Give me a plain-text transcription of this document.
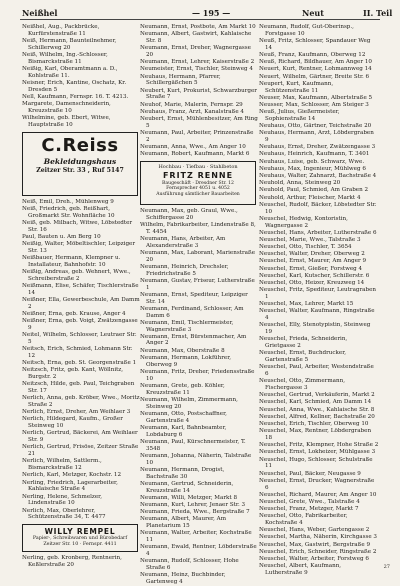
Neißhel	— 195 —	Neut	II. Teil
Neißhel, Aug., Packbrücke, Kurfürstenstraße 11
Neiß, Hermann, Baunteilnehmer, Schillerweg 20
Neiß, Wilhelm, Ing.-Schlosser, Bismarckstraße 11
Neißig, Karl, Oberamtmann a. D., Kohlstraße 11.
Neisner, Erich, Kantine, Oschatz, Kr. Dresden 5
Nell, Kaufmann, Fernspr. 16. T. 4213.
Margarete, Damenschneiderin, Kreuzstraße 10
Wilhelmine, geb. Ebert, Witwe, Hauptstraße 10
C.Reiss
Bekleidungshaus
Zeitzer Str. 33 , Ruf 5147
Neiß, Emil, Dreh., Mühlenweg 9
Neiß, Friedrich, geb. Reißhart, Großmarkt Str. Wohnfläche 10
Neiß, geb. Milbach, Witwe, Löbstedter Str. 16
Paul, Bauten u. Am Berg 10
Neißig, Walter, Möbeltischler, Leipziger Str. 13
Neißbauer, Hermann, Klempner u. Installateur, Bahnhofstr. 10
Neißig, Andreas, geb. Wehnert, Wwe., Schreiberstraße 2
Neißmann, Elise, Schäfer, Tischlerstraße 14
Neißner, Ella, Gewerbeschule, Am Damm 2
Neißner, Erna, geb. Krause, Anger 4
Neißner, Erna, geb. Voigt, Zwätzengasse 9
Neitel, Wilhelm, Schlosser, Leutraer Str. 5
Neitsch, Erich, Schmied, Lohmann Str. 12
Neitsch, Erna, geb. St. Georgenstraße 1
Neitzsch, Fritz, geb. Kant, Wöllnitz, Burgstr. 2
Neitzsch, Hilde, geb. Paul, Teichgraben Str. 17
Nerlich, Anna, geb. Kröber, Wwe., Moritz Straße 2
Nerlich, Ernst, Dreher, Am Weihlaer 3
Nerlich, Hildegard, Kaufm., Großer Steinweg 10
Nerlich, Gertrud, Bäckerei, Am Weihlaer Str. 9
Nerlich, Gertrud, Frisöse, Zeitzer Straße 21
Nerlich, Wilhelm, Sattlerm., Bismarckstraße 12
Nerlich, Karl, Metzger, Kochstr. 12
Nerling, Friedrich, Lagerarbeiter, Kahlaische Straße 4
Nerling, Helene, Schmelzer, Lindenstraße 10
Nerlich, Max, Oberlehrer, Schützenstraße 34, T. 4477
WILLY REMPEL
Papier-, Schreibwaren und Bürobedarf
Zeitzer Str. 10 · Fernspr. 4411
Nerling, geb. Kronberg, Rentnerin, Keßlerstraße 20
Neumann, Ernst, Postbote, Am Markt 10
Neumann, Albert, Gastwirt, Kahlaische Str. 8
Neumann, Ernst, Dreher, Wagnergasse 20
Neumann, Ernst, Lehrer, Kaiserstraße 2
Neumeister, Ernst, Tischler, Steinweg 4
Neuhaus, Hermann, Pfarrer, Schillergäßchen 5
Neubert, Kurt, Prokurist, Schwarzburger Straße 7
Neuhof, Marie, Malerin, Fernspr. 29
Neuhaus, Franz, Arzt, Kanalstraße 4
Neubert, Ernst, Mühlenbesitzer, Am Ring 5
Neumann, Paul, Arbeiter, Prinzenstraße 2
Neumann, Anna, Wwe., Am Anger 10
Neumann, Robert, Kaufmann, Markt 6
Hochbau · Tiefbau · Stahlbeton
FRITZ RENNE
Baugeschäft · Dresdner Str. 12
Fernsprecher 4051 u. 4052
Ausführung sämtlicher Bauarbeiten
Neumann, Max, geb. Graul, Wwe., Schiffergasse 20
Wilhelm, Fabrikarbeiter, Lindenstraße 8, T. 4454
Neumann, Hans, Arbeiter, Am Alexanderstraße 3
Neumann, Max, Laborant, Marienstraße 20
Neumann, Heinrich, Drechsler, Friedrichstraße 5
Neumann, Gustav, Friseur, Lutherstraße 1
Neumann, Ernst, Spediteur, Leipziger Str. 14
Neumann, Ferdinand, Schlosser, Am Damm 6
Neumann, Emil, Tischlermeister, Wagnerstraße 3
Neumann, Ernst, Bürstenmacher, Am Anger 2
Neumann, Max, Oberstraße 8
Neumann, Hermann, Lokführer, Oberweg 9
Neumann, Fritz, Dreher, Friedensstraße 10
Neumann, Grete, geb. Köhler, Kreuzstraße 11
Neumann, Wilhelm, Zimmermann, Steinweg 20
Neumann, Otto, Postschaffner, Gartenstraße 4
Neumann, Karl, Bahnbeamter, Lobdaburg 6
Neumann, Paul, Kürschnermeister, T. 3548
Neumann, Johanna, Näherin, Talstraße 10
Neumann, Hermann, Drogist, Bachstraße 30
Neumann, Gertrud, Schneiderin, Kreuzstraße 14
Neumann, Willi, Metzger, Markt 8
Neumann, Kurt, Lehrer, Jenaer Str. 3
Neumann, Frieda, Wwe., Bergstraße 7
Neumann, Albert, Maurer, Am Planetarium 15
Neumann, Walter, Arbeiter, Kochstraße 11
Neumann, Ewald, Rentner, Löbderstraße 4
Neumann, Rudolf, Schlosser, Hohe Straße 6
Neumann, Heinz, Buchbinder, Gartenweg 4
Neumann, Rudolf, Gut-Oberinsp., Forstgasse 10
Neuß, Fritz, Schlosser, Spandauer Weg 14
Neuß, Franz, Kaufmann, Oberweg 12
Neuß, Richard, Bildhauer, Am Anger 10
Neuert, Kurt, Rentner, Lohmannweg 14
Neuert, Wilhelm, Gärtner, Breite Str. 6
Neupert, Kurt, Kaufmann, Schützenstraße 11
Neuser, Max, Kaufmann, Albertstraße 5
Neusser, Max, Schlosser, Am Steiger 3
Neuß, Julius, Gießermeister, Sophienstraße 14
Neuhaus, Otto, Gärtner, Teichstraße 20
Neuhaus, Hermann, Arzt, Löbdergraben 9
Neuhaus, Ernst, Dreher, Zwätzengasse 3
Neuhaus, Heinrich, Kaufmann, T. 3401
Neuhaus, Luise, geb. Schwarz, Wwe.
Neuhaus, Max, Ingenieur, Mühlweg 6
Neuhaus, Walter, Zahnarzt, Bachstraße 4
Neuhold, Anna, Steinweg 20
Neuhold, Paul, Schmied, Am Graben 2
Neuhold, Arthur, Fleischer, Markt 4
Neuschel, Rudolf, Bäcker, Löbstedter Str. 10
Neuschel, Hedwig, Kontoristin, Wagnergasse 2
Neuschel, Hans, Arbeiter, Lutherstraße 6
Neuschel, Marie, Wwe., Talstraße 3
Neuschel, Otto, Tischler, T. 3654
Neuschel, Walter, Dreher, Oberweg 2
Neuschel, Ernst, Maurer, Am Anger 9
Neuschel, Ernst, Gießer, Forstweg 4
Neuschel, Karl, Kutscher, Schillerstr. 6
Neuschel, Otto, Heizer, Kreuzweg 14
Neuschel, Fritz, Spediteur, Leutragraben 1
Neuschel, Max, Lehrer, Markt 15
Neuschel, Walter, Kaufmann, Ringstraße 4
Neuschel, Elly, Stenotypistin, Steinweg 19
Neuschel, Frieda, Schneiderin, Grietgasse 2
Neuschel, Ernst, Buchdrucker, Gartenstraße 5
Neuschel, Paul, Arbeiter, Westendstraße 6
Neuschel, Otto, Zimmermann, Fischergasse 3
Neuschel, Gertrud, Verkäuferin, Markt 2
Neuschel, Karl, Schmied, Am Damm 14
Neuschel, Anna, Wwe., Kahlaische Str. 8
Neuschel, Alfred, Kellner, Bachstraße 20
Neuschel, Erich, Tischler, Oberweg 10
Neuschel, Max, Rentner, Löbdergraben 18
Neuschel, Fritz, Klempner, Hohe Straße 2
Neuschel, Ernst, Lokheizer, Mühlgasse 3
Neuschel, Hugo, Schlosser, Schulstraße 11
Neuschel, Paul, Bäcker, Neugasse 9
Neuschel, Ernst, Drucker, Wagnerstraße 6
Neuschel, Richard, Maurer, Am Anger 10
Neuschel, Grete, Wwe., Talstraße 4
Neuschel, Franz, Metzger, Markt 7
Neuschel, Otto, Fabrikarbeiter, Kochstraße 4
Neuschel, Hans, Weber, Gartengasse 2
Neuschel, Martha, Näherin, Kirchgasse 3
Neuschel, Max, Gastwirt, Bergstraße 9
Neuschel, Erich, Schneider, Ringstraße 2
Neuschel, Walter, Arbeiter, Forstweg 6
Neuschel, Albert, Kaufmann, Lutherstraße 9
27
